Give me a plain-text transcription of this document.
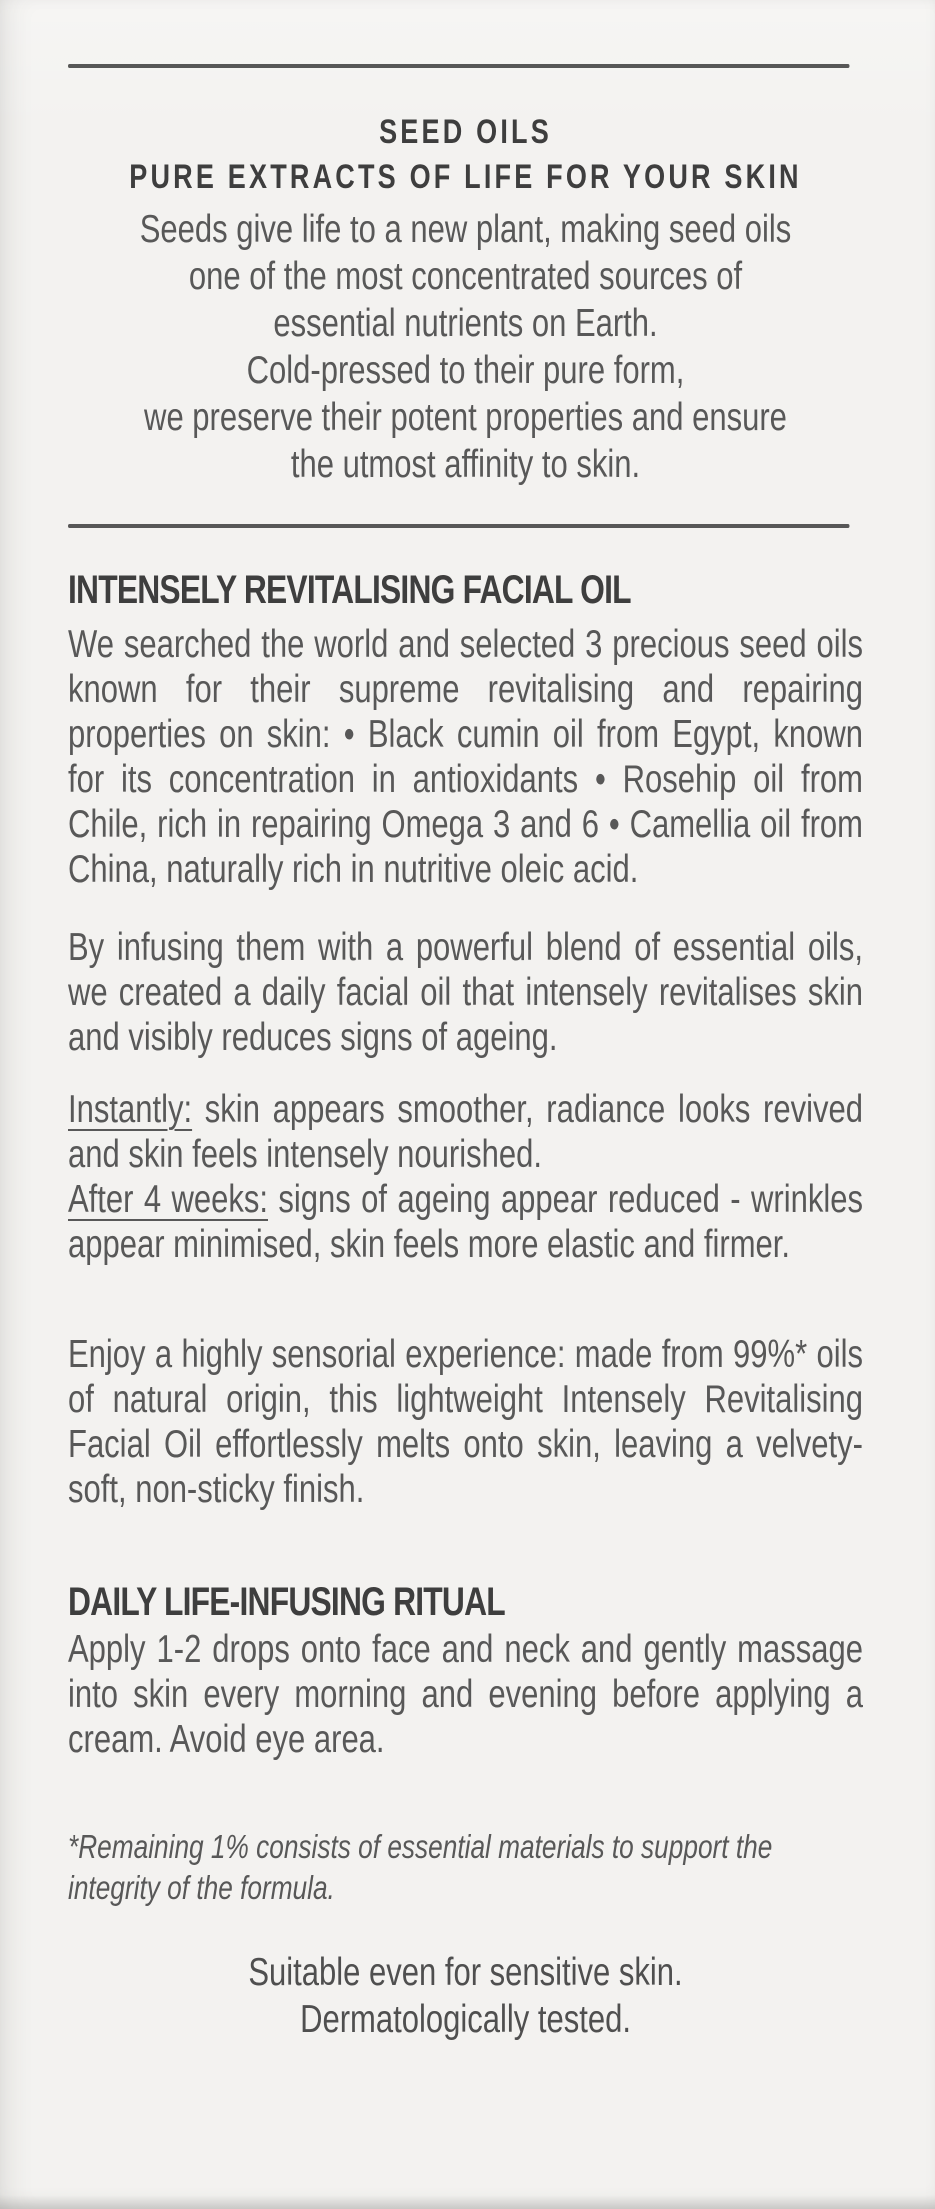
SEED OILS
PURE EXTRACTS OF LIFE FOR YOUR SKIN
Seeds give life to a new plant, making seed oils
one of the most concentrated sources of
essential nutrients on Earth.
Cold-pressed to their pure form,
we preserve their potent properties and ensure
the utmost affinity to skin.
INTENSELY REVITALISING FACIAL OIL
We searched the world and selected 3 precious seed oils known for their supreme revitalising and repairing properties on skin: • Black cumin oil from Egypt, known for its concentration in antioxidants • Rosehip oil from Chile, rich in repairing Omega 3 and 6 • Camellia oil from China, naturally rich in nutritive oleic acid.
By infusing them with a powerful blend of essential oils, we created a daily facial oil that intensely revitalises skin and visibly reduces signs of ageing.
Instantly: skin appears smoother, radiance looks revived and skin feels intensely nourished.
After 4 weeks: signs of ageing appear reduced - wrinkles appear minimised, skin feels more elastic and firmer.
Enjoy a highly sensorial experience: made from 99%* oils of natural origin, this lightweight Intensely Revitalising Facial Oil effortlessly melts onto skin, leaving a velvety-soft, non-sticky finish.
DAILY LIFE-INFUSING RITUAL
Apply 1-2 drops onto face and neck and gently massage into skin every morning and evening before applying a cream. Avoid eye area.
*Remaining 1% consists of essential materials to support the integrity of the formula.
Suitable even for sensitive skin.
Dermatologically tested.
